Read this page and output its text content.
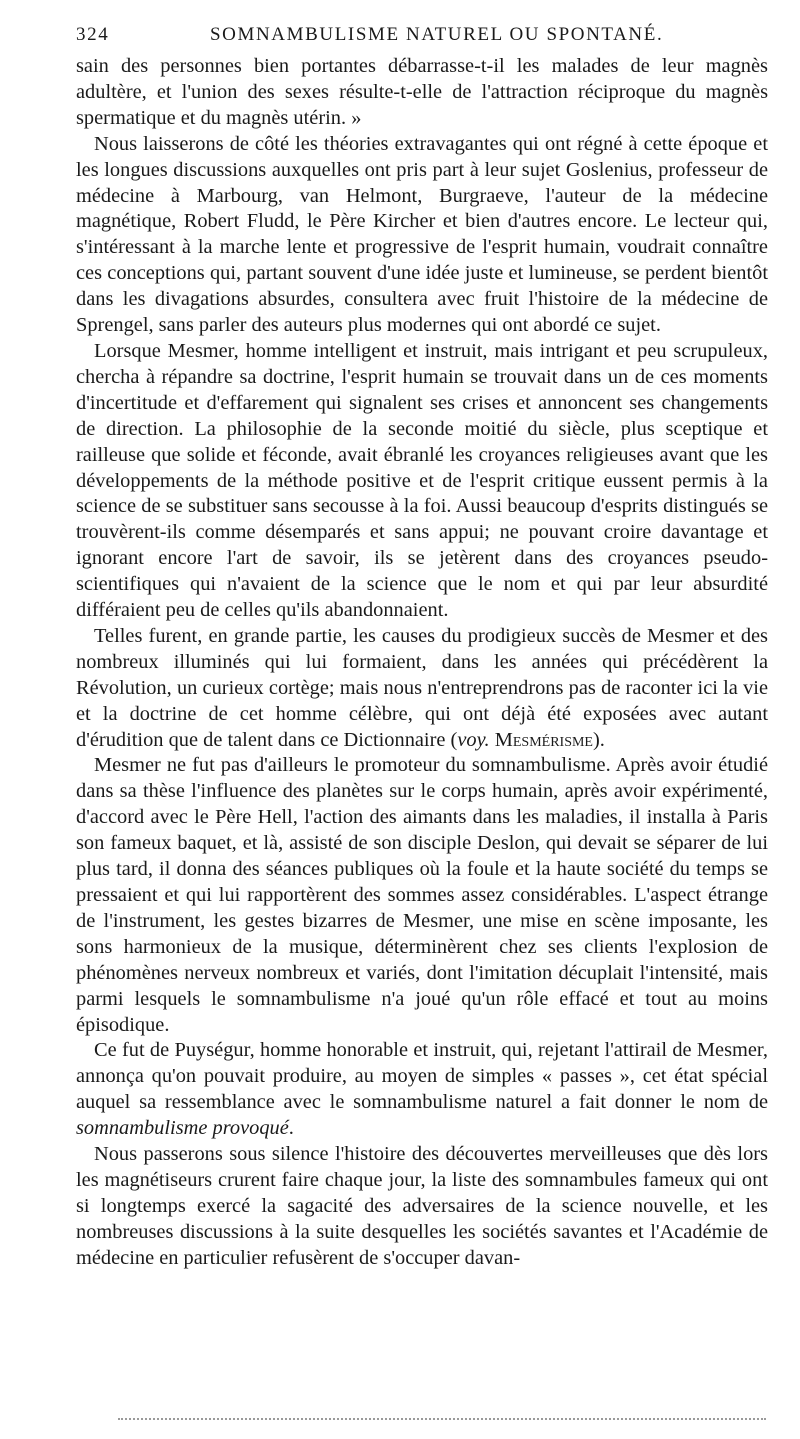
324	SOMNAMBULISME NATUREL OU SPONTANÉ.

sain des personnes bien portantes débarrasse-t-il les malades de leur magnès adultère, et l'union des sexes résulte-t-elle de l'attraction réciproque du magnès spermatique et du magnès utérin. »

Nous laisserons de côté les théories extravagantes qui ont régné à cette époque et les longues discussions auxquelles ont pris part à leur sujet Goslenius, professeur de médecine à Marbourg, van Helmont, Burgraeve, l'auteur de la médecine magnétique, Robert Fludd, le Père Kircher et bien d'autres encore. Le lecteur qui, s'intéressant à la marche lente et progressive de l'esprit humain, voudrait connaître ces conceptions qui, partant souvent d'une idée juste et lumineuse, se perdent bientôt dans les divagations absurdes, consultera avec fruit l'histoire de la médecine de Sprengel, sans parler des auteurs plus modernes qui ont abordé ce sujet.

Lorsque Mesmer, homme intelligent et instruit, mais intrigant et peu scrupuleux, chercha à répandre sa doctrine, l'esprit humain se trouvait dans un de ces moments d'incertitude et d'effarement qui signalent ses crises et annoncent ses changements de direction. La philosophie de la seconde moitié du siècle, plus sceptique et railleuse que solide et féconde, avait ébranlé les croyances religieuses avant que les développements de la méthode positive et de l'esprit critique eussent permis à la science de se substituer sans secousse à la foi. Aussi beaucoup d'esprits distingués se trouvèrent-ils comme désemparés et sans appui; ne pouvant croire davantage et ignorant encore l'art de savoir, ils se jetèrent dans des croyances pseudo-scientifiques qui n'avaient de la science que le nom et qui par leur absurdité différaient peu de celles qu'ils abandonnaient.

Telles furent, en grande partie, les causes du prodigieux succès de Mesmer et des nombreux illuminés qui lui formaient, dans les années qui précédèrent la Révolution, un curieux cortège; mais nous n'entreprendrons pas de raconter ici la vie et la doctrine de cet homme célèbre, qui ont déjà été exposées avec autant d'érudition que de talent dans ce Dictionnaire (voy. Mesmérisme).

Mesmer ne fut pas d'ailleurs le promoteur du somnambulisme. Après avoir étudié dans sa thèse l'influence des planètes sur le corps humain, après avoir expérimenté, d'accord avec le Père Hell, l'action des aimants dans les maladies, il installa à Paris son fameux baquet, et là, assisté de son disciple Deslon, qui devait se séparer de lui plus tard, il donna des séances publiques où la foule et la haute société du temps se pressaient et qui lui rapportèrent des sommes assez considérables. L'aspect étrange de l'instrument, les gestes bizarres de Mesmer, une mise en scène imposante, les sons harmonieux de la musique, déterminèrent chez ses clients l'explosion de phénomènes nerveux nombreux et variés, dont l'imitation décuplait l'intensité, mais parmi lesquels le somnambulisme n'a joué qu'un rôle effacé et tout au moins épisodique.

Ce fut de Puységur, homme honorable et instruit, qui, rejetant l'attirail de Mesmer, annonça qu'on pouvait produire, au moyen de simples « passes », cet état spécial auquel sa ressemblance avec le somnambulisme naturel a fait donner le nom de somnambulisme provoqué.

Nous passerons sous silence l'histoire des découvertes merveilleuses que dès lors les magnétiseurs crurent faire chaque jour, la liste des somnambules fameux qui ont si longtemps exercé la sagacité des adversaires de la science nouvelle, et les nombreuses discussions à la suite desquelles les sociétés savantes et l'Académie de médecine en particulier refusèrent de s'occuper davan-
